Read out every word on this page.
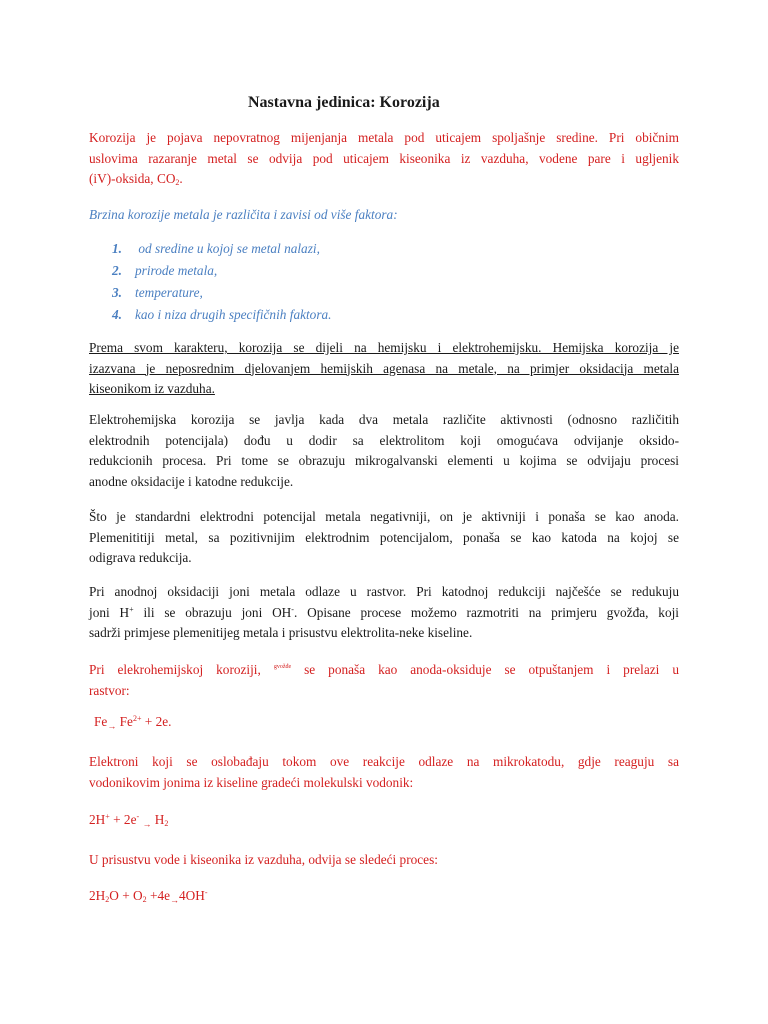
Nastavna jedinica: Korozija
Korozija je pojava nepovratnog mijenjanja metala pod uticajem spoljašnje sredine. Pri običnim
uslovima razaranje metal se odvija pod uticajem kiseonika iz vazduha, vodene pare i ugljenik
(iV)-oksida, $CO_2$.
Brzina korozije metala je različita i zavisi od više faktora:
1. od sredine u kojoj se metal nalazi,
2. prirode metala,
3. temperature,
4. kao i niza drugih specifičnih faktora.
Prema svom karakteru, korozija se dijeli na hemijsku i elektrohemijsku. Hemijska korozija je
izazvana je neposrednim djelovanjem hemijskih agenasa na metale, na primjer oksidacija metala
kiseonikom iz vazduha.
Elektrohemijska korozija se javlja kada dva metala različite aktivnosti (odnosno različitih
elektrodnih potencijala) dođu u dodir sa elektrolitom koji omogućava odvijanje oksido-
redukcionih procesa. Pri tome se obrazuju mikrogalvanski elementi u kojima se odvijaju procesi
anodne oksidacije i katodne redukcije.
Što je standardni elektrodni potencijal metala negativniji, on je aktivniji i ponaša se kao anoda.
Plemenititiji metal, sa pozitivnijim elektrodnim potencijalom, ponaša se kao katoda na kojoj se
odigrava redukcija.
Pri anodnoj oksidaciji joni metala odlaze u rastvor. Pri katodnoj redukciji najčešće se redukuju
joni H+ ili se obrazuju joni OH-. Opisane procese možemo razmotriti na primjeru gvožđa, koji
sadrži primjese plemenitijeg metala i prisustvu elektrolita-neke kiseline.
Pri elekrohemijskoj koroziji, $^{gvožđe}$ se ponaša kao anoda-oksiduje se otpuštanjem i prelazi u
rastvor:
$Fe_\to$ $Fe^{2+} + 2e$.
Elektroni koji se oslobađaju tokom ove reakcije odlaze na mikrokatodu, gdje reaguju sa
vodonikovim jonima iz kiseline gradeći molekulski vodonik:
2H+ + 2e- $_\to$ $H_2$
U prisustvu vode i kiseonika iz vazduha, odvija se sledeći proces:
$2H_2O + O_2 +4e_\to 4OH^-$
